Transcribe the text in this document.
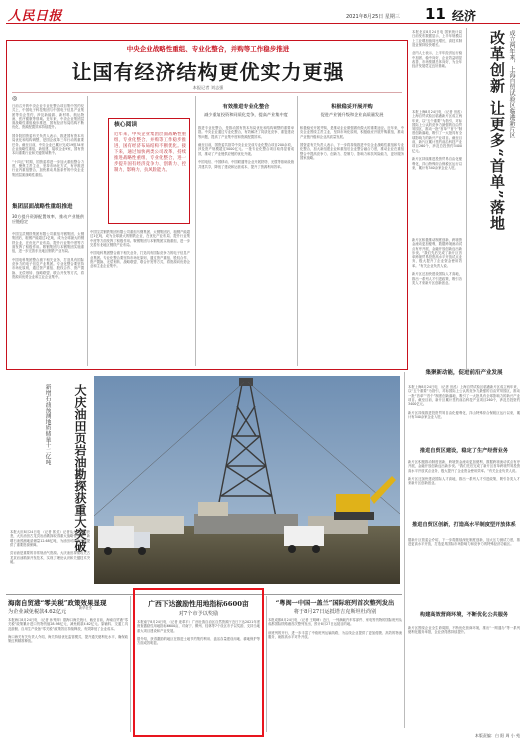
人民日报	2021年8月25日 星期三 11 经济
中央企业战略性重组、专业化整合，并购等工作稳步推进
让国有经济结构更优实力更强
本报记者 刘志强
◎
日前召开的中央企业专业化整合项目集中签约仪式上，中国电子科技集团与中国电子信息产业集团等央企签约，涉及新能源、新材料、航运物流、医疗健康等领域。近年来，中央企业集团层面战略性重组稳步推进，国有经济布局结构不断优化，资源配置效率持续提升。

国务院国资委有关负责人表示，推进国有资本布局优化和结构调整，是国企改革三年行动的重要任务。截至目前，中央企业已累计完成19组34家企业战略性重组，新组建、接收企业9家，国有资本向重要行业和关键领域集中。

“十四五”时期，国资委将进一步加大重组整合力度，聚焦主责主业，坚持市场化方式，有序推进行业内重组整合，加快推动具备条件的中央企业集团层面战略性重组。
集团层面战略性重组推进
30方提升资源配置效率，推动产业链供应链稳定
中国宝武钢铁集团有限公司重组马钢集团、太钢集团后，粗钢产能超过1亿吨，成为全球最大的钢铁企业，在优化产业布局、提升行业集中度等方面发挥了积极作用。鞍钢集团与本钢集团实施重组，进一步完善东北地区钢铁产业布局。

中国电科集团整合旗下相关业务，打造具有国际竞争力的电子信息产业集团。专业化整合要坚持市场化原则，通过资产重组、股权合作、资产置换、无偿划转、战略联盟、联合开发等方式，将资源向优势企业和主业企业集中。
核心阅读
近年来，中央企业集团层面战略性重组、专业化整合、并购等工作稳步推进，国有经济布局结构不断优化。接下来，通过加快两类公司改革、持续推进战略性重组、专业化整合，进一步提升国有经济竞争力、创新力、控制力、影响力、抗风险能力。
中国宝武钢铁集团有限公司重组马钢集团、太钢集团后，粗钢产能超过1亿吨，成为全球最大的钢铁企业，在优化产业布局、提升行业集中度等方面发挥了积极作用。鞍钢集团与本钢集团实施重组，进一步完善东北地区钢铁产业布局。

中国电科集团整合旗下相关业务，打造具有国际竞争力的电子信息产业集团。专业化整合要坚持市场化原则，通过资产重组、股权合作、资产置换、无偿划转、战略联盟、联合开发等方式，将资源向优势企业和主业企业集中。
有效推进专业化整合
减少重复投资和同质化竞争，提高产业集中度
推进专业化整合，是推动国有资本布局优化和结构调整的重要举措。中央企业通过专业化整合，有效解决了同质化竞争、重复建设等问题，提高了产业集中度和资源配置效率。

截至目前，国资委共指导中央企业完成专业化整合项目200余项，涉及资产规模超过5000亿元。一批专业化整合项目取得显著成效，推动了产业链供应链的优化升级。

中国电信、中国移动、中国联通等企业开展铁塔、光缆等基础设施共建共享，降低了建设和运营成本，提升了资源利用效率。
积极稳妥开展并购
促进产业链升级和企业高质量发展
积极稳妥开展并购，是推动企业做强做优做大的重要途径。近年来，中央企业围绕主责主业，坚持市场化原则，积极稳妥开展并购重组，推动产业链升级和企业高质量发展。

国资委有关负责人表示，下一步将持续推进中央企业战略性重组和专业化整合，加大新组建企业和重组后企业整合融合力度，推动企业在重组整合中提高竞争力、创新力、控制力、影响力和抗风险能力，更好服务国家战略。
本报北京8月24日电 国家统计局日前发布数据显示，上半年规模以上工业增加值同比增长，高技术制造业保持较快增长。

业内人士表示，上半年经济运行稳中加固、稳中向好，企业效益明显改善，市场预期总体向好，为全年经济发展奠定良好基础。
本报上海8月24日电 （记者 田泓）上海自贸试验区临港新片区成立两年来，以“五个重要”为指引，对标国际上公认的竞争力最强的自由贸易园区，推动一批“首单”“首个”制度创新落地，吸引了一大批具有全球影响力的新兴产业项目。截至目前，新片区累计签约前沿科技产业项目260个，涉及总投资约3400亿元。

新片区持续推进投资贸易自由化便利化，洋山特殊综合保税区运行以来，累计有340余家企业入驻。
新片区积极推动制度创新，跨境资金流动更加便利，数据跨境流动试点有序开展，金融开放创新迈出新步伐。“我们先后完成了新片区首单跨境贸易投资高水平开放试点业务，极大提升了企业资金使用效率。”有关企业负责人说。

新片区还加快建设国际人才高地，推出一系列人才引进政策，吸引各类人才来新片区创新创业。
成立两年来，上海自贸试验区临港新片区
改革创新 让更多“首单”落地
集聚新动能，促进前沿产业发展
本报上海8月24日电 （记者 田泓）上海自贸试验区临港新片区成立两年来，以“五个重要”为指引，对标国际上公认的竞争力最强的自由贸易园区，推动一批“首单”“首个”制度创新落地，吸引了一大批具有全球影响力的新兴产业项目。截至目前，新片区累计签约前沿科技产业项目260个，涉及总投资约3400亿元。

新片区持续推进投资贸易自由化便利化，洋山特殊综合保税区运行以来，累计有340余家企业入驻。
推进自贸区建设，稳定了生产经营业务
新片区积极推动制度创新，跨境资金流动更加便利，数据跨境流动试点有序开展，金融开放创新迈出新步伐。“我们先后完成了新片区首单跨境贸易投资高水平开放试点业务，极大提升了企业资金使用效率。”有关企业负责人说。

新片区还加快建设国际人才高地，推出一系列人才引进政策，吸引各类人才来新片区创新创业。
推进自贸区创新，打造高水平制度型开放体系
据新片区管委会介绍，下一步将继续深化制度创新，加大压力测试力度，推进更高水平开放，打造更具国际市场影响力和竞争力的特殊经济功能区。
构建高效营商环境，不断优化公共服务
新片区围绕企业全生命周期，不断优化营商环境，推出“一网通办”等一系列便利化服务举措，企业获得感持续提升。
大庆油田页岩油勘探获重大突破
新增石油预测地质储量十二亿吨
本报大庆8月24日电 （记者 郭戈）记者从大庆油田获悉，大庆油田古龙页岩油勘探取得重大战略性突破，新增石油预测地质储量12.68亿吨，为油田可持续发展提供了重要资源保障。

页岩油是重要的非常规油气资源。大庆油田持续攻关古龙页岩油勘探开发技术，实现了理论认识和关键技术突破。
新华社发
海南自贸港“零关税”政策效果显现
为企业减免税款4.62亿元
本报海口8月24日电 （记者 孙秀萍）据海口海关统计，截至目前，海南自贸港“零关税”政策累计进口货物货值28.98亿元，减免税款4.62亿元。原辅料、交通工具及游艇、自用生产设备“零关税”政策效应持续释放，有效降低了企业成本。

海口海关有关负责人介绍，海关持续优化监管模式，提升通关便利化水平，确保政策红利精准释放。
广西下达激励性用地指标6600亩
对7个市予以奖励
本报南宁8月24日电 （记者 庞革平）广西壮族自治区自然资源厅近日下达2021年度督查激励性用地指标6600亩，对南宁、柳州、桂林等7个设区市予以奖励，支持当地重大项目建设和产业发展。

据介绍，获得激励的地区在推进土地节约集约利用、盘活存量建设用地、耕地保护等方面成效明显。
“粤闽一中国一盖兰”国际班列首次整列发出
将于8月27日运抵塔吉克斯坦杜尚别
本报成都8月24日电 （记者 王明峰）近日，一列满载汽车零部件、家电等货物的国际班列从成都国际铁路港首次整列发出，预计8月27日运抵目的地。

该班列的开行，进一步丰富了中欧班列运输线路，为沿线企业提供了更加便捷、高效的物流服务，助推高水平对外开放。
本版责编：白 阳 周 小 苑
